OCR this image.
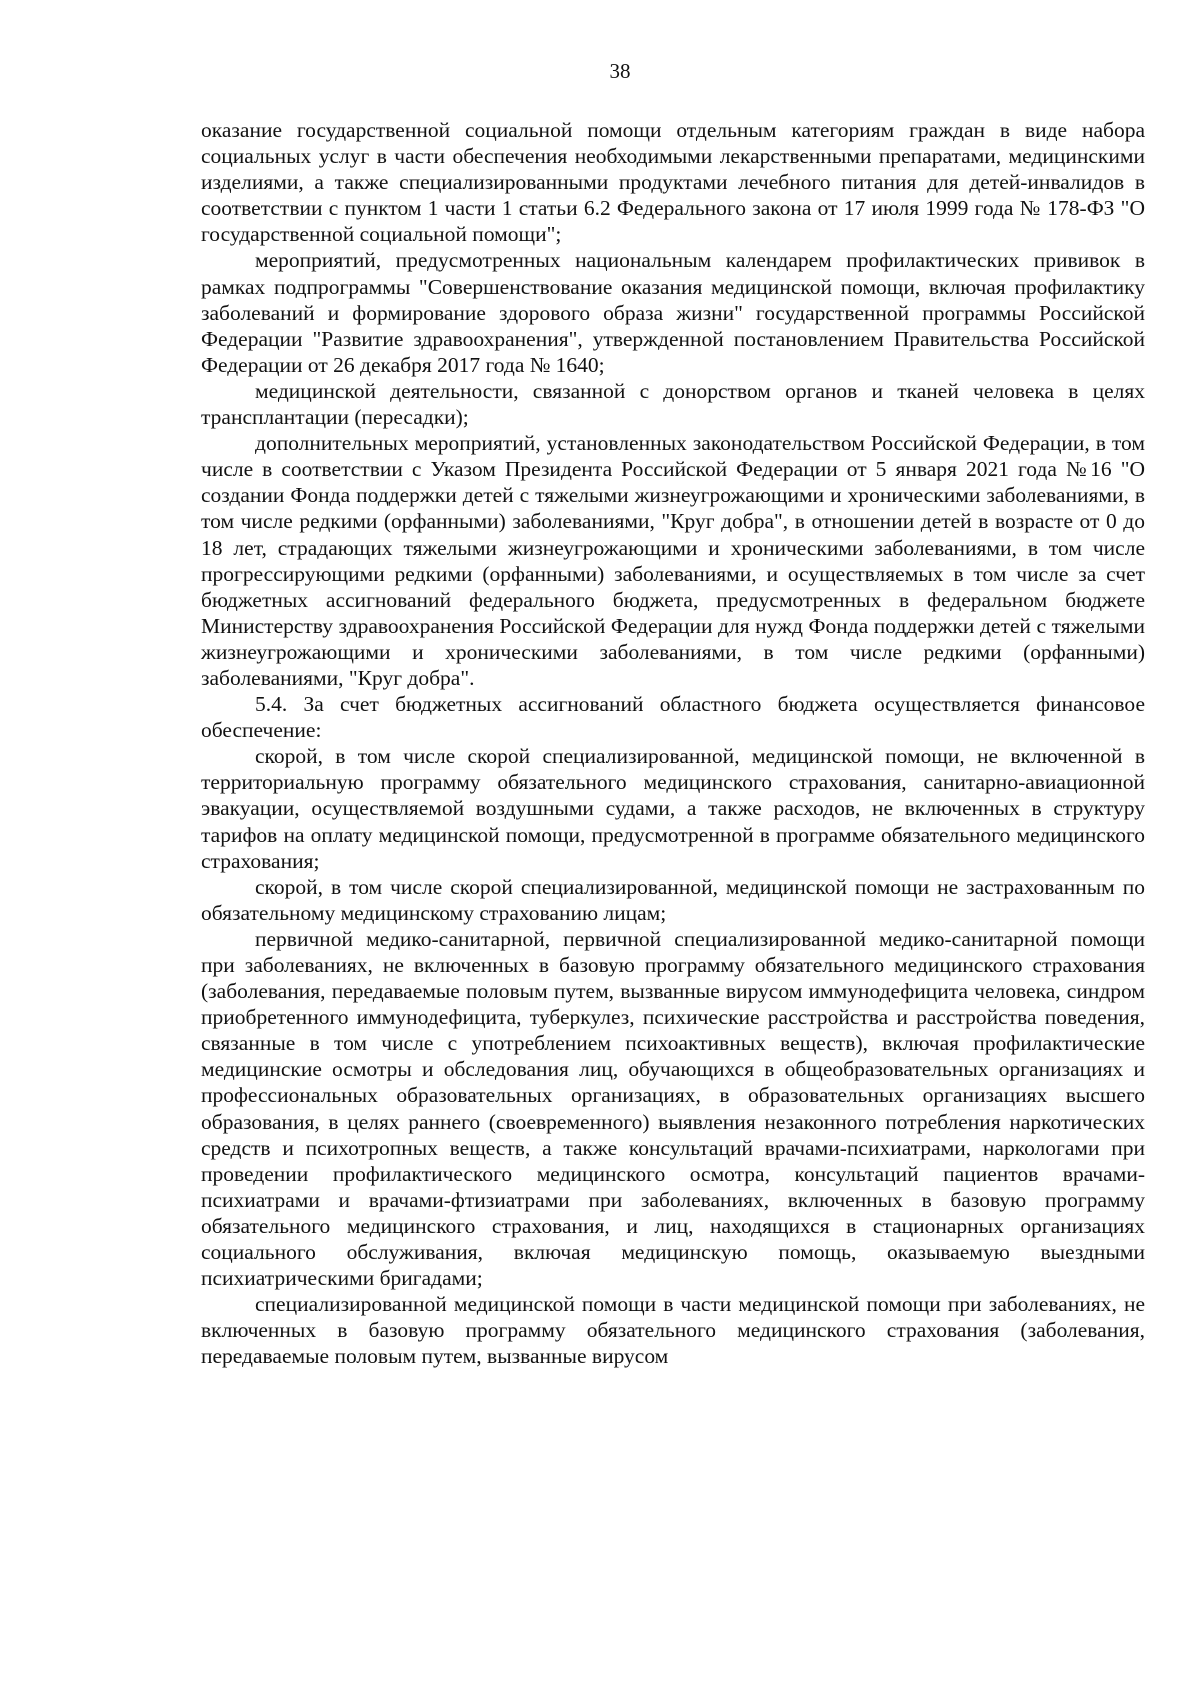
38

оказание государственной социальной помощи отдельным категориям граждан в виде набора социальных услуг в части обеспечения необходимыми лекарственными препаратами, медицинскими изделиями, а также специализированными продуктами лечебного питания для детей-инвалидов в соответствии с пунктом 1 части 1 статьи 6.2 Федерального закона от 17 июля 1999 года № 178-ФЗ "О государственной социальной помощи";

мероприятий, предусмотренных национальным календарем профилактических прививок в рамках подпрограммы "Совершенствование оказания медицинской помощи, включая профилактику заболеваний и формирование здорового образа жизни" государственной программы Российской Федерации "Развитие здравоохранения", утвержденной постановлением Правительства Российской Федерации от 26 декабря 2017 года № 1640;

медицинской деятельности, связанной с донорством органов и тканей человека в целях трансплантации (пересадки);

дополнительных мероприятий, установленных законодательством Российской Федерации, в том числе в соответствии с Указом Президента Российской Федерации от 5 января 2021 года №16 "О создании Фонда поддержки детей с тяжелыми жизнеугрожающими и хроническими заболеваниями, в том числе редкими (орфанными) заболеваниями, "Круг добра", в отношении детей в возрасте от 0 до 18 лет, страдающих тяжелыми жизнеугрожающими и хроническими заболеваниями, в том числе прогрессирующими редкими (орфанными) заболеваниями, и осуществляемых в том числе за счет бюджетных ассигнований федерального бюджета, предусмотренных в федеральном бюджете Министерству здравоохранения Российской Федерации для нужд Фонда поддержки детей с тяжелыми жизнеугрожающими и хроническими заболеваниями, в том числе редкими (орфанными) заболеваниями, "Круг добра".

5.4. За счет бюджетных ассигнований областного бюджета осуществляется финансовое обеспечение:

скорой, в том числе скорой специализированной, медицинской помощи, не включенной в территориальную программу обязательного медицинского страхования, санитарно-авиационной эвакуации, осуществляемой воздушными судами, а также расходов, не включенных в структуру тарифов на оплату медицинской помощи, предусмотренной в программе обязательного медицинского страхования;

скорой, в том числе скорой специализированной, медицинской помощи не застрахованным по обязательному медицинскому страхованию лицам;

первичной медико-санитарной, первичной специализированной медико-санитарной помощи при заболеваниях, не включенных в базовую программу обязательного медицинского страхования (заболевания, передаваемые половым путем, вызванные вирусом иммунодефицита человека, синдром приобретенного иммунодефицита, туберкулез, психические расстройства и расстройства поведения, связанные в том числе с употреблением психоактивных веществ), включая профилактические медицинские осмотры и обследования лиц, обучающихся в общеобразовательных организациях и профессиональных образовательных организациях, в образовательных организациях высшего образования, в целях раннего (своевременного) выявления незаконного потребления наркотических средств и психотропных веществ, а также консультаций врачами-психиатрами, наркологами при проведении профилактического медицинского осмотра, консультаций пациентов врачами-психиатрами и врачами-фтизиатрами при заболеваниях, включенных в базовую программу обязательного медицинского страхования, и лиц, находящихся в стационарных организациях социального обслуживания, включая медицинскую помощь, оказываемую выездными психиатрическими бригадами;

специализированной медицинской помощи в части медицинской помощи при заболеваниях, не включенных в базовую программу обязательного медицинского страхования (заболевания, передаваемые половым путем, вызванные вирусом
